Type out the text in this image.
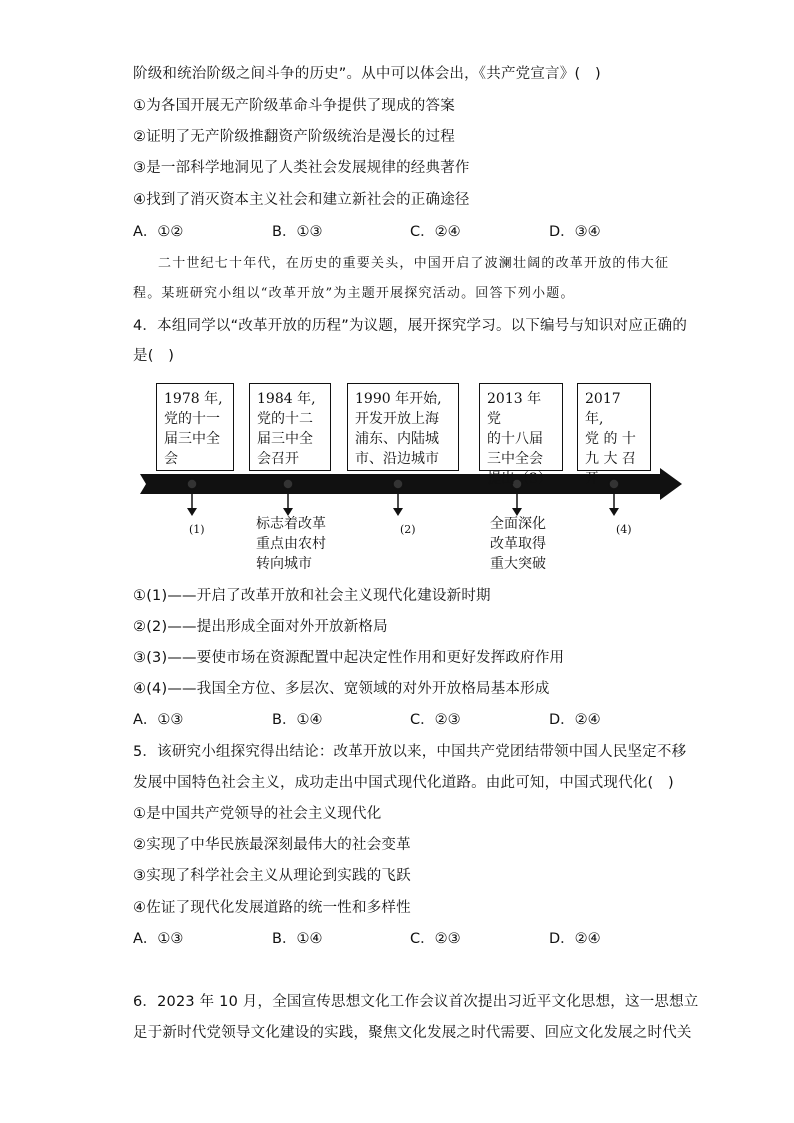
阶级和统治阶级之间斗争的历史”。从中可以体会出，《共产党宣言》(　)
①为各国开展无产阶级革命斗争提供了现成的答案
②证明了无产阶级推翻资产阶级统治是漫长的过程
③是一部科学地洞见了人类社会发展规律的经典著作
④找到了消灭资本主义社会和建立新社会的正确途径
A．①②	B．①③	C．②④	D．③④
二十世纪七十年代，在历史的重要关头，中国开启了波澜壮阔的改革开放的伟大征
程。某班研究小组以“改革开放”为主题开展探究活动。回答下列小题。
4．本组同学以“改革开放的历程”为议题，展开探究学习。以下编号与知识对应正确的
是(　)
1978 年,
党的十一
届三中全
会
1984 年,
党的十二
届三中全
会召开
1990 年开始,
开发开放上海
浦东、内陆城
市、沿边城市
2013 年党
的十八届
三中全会
提出（3）
2017 年,
党 的 十
九 大 召
开
(1)	标志着改革
重点由农村
转向城市
(2)	全面深化
改革取得
重大突破
(4)
①(1)——开启了改革开放和社会主义现代化建设新时期
②(2)——提出形成全面对外开放新格局
③(3)——要使市场在资源配置中起决定性作用和更好发挥政府作用
④(4)——我国全方位、多层次、宽领域的对外开放格局基本形成
A．①③	B．①④	C．②③	D．②④
5．该研究小组探究得出结论：改革开放以来，中国共产党团结带领中国人民坚定不移
发展中国特色社会主义，成功走出中国式现代化道路。由此可知，中国式现代化(　)
①是中国共产党领导的社会主义现代化
②实现了中华民族最深刻最伟大的社会变革
③实现了科学社会主义从理论到实践的飞跃
④佐证了现代化发展道路的统一性和多样性
A．①③	B．①④	C．②③	D．②④
6．2023 年 10 月，全国宣传思想文化工作会议首次提出习近平文化思想，这一思想立
足于新时代党领导文化建设的实践，聚焦文化发展之时代需要、回应文化发展之时代关
